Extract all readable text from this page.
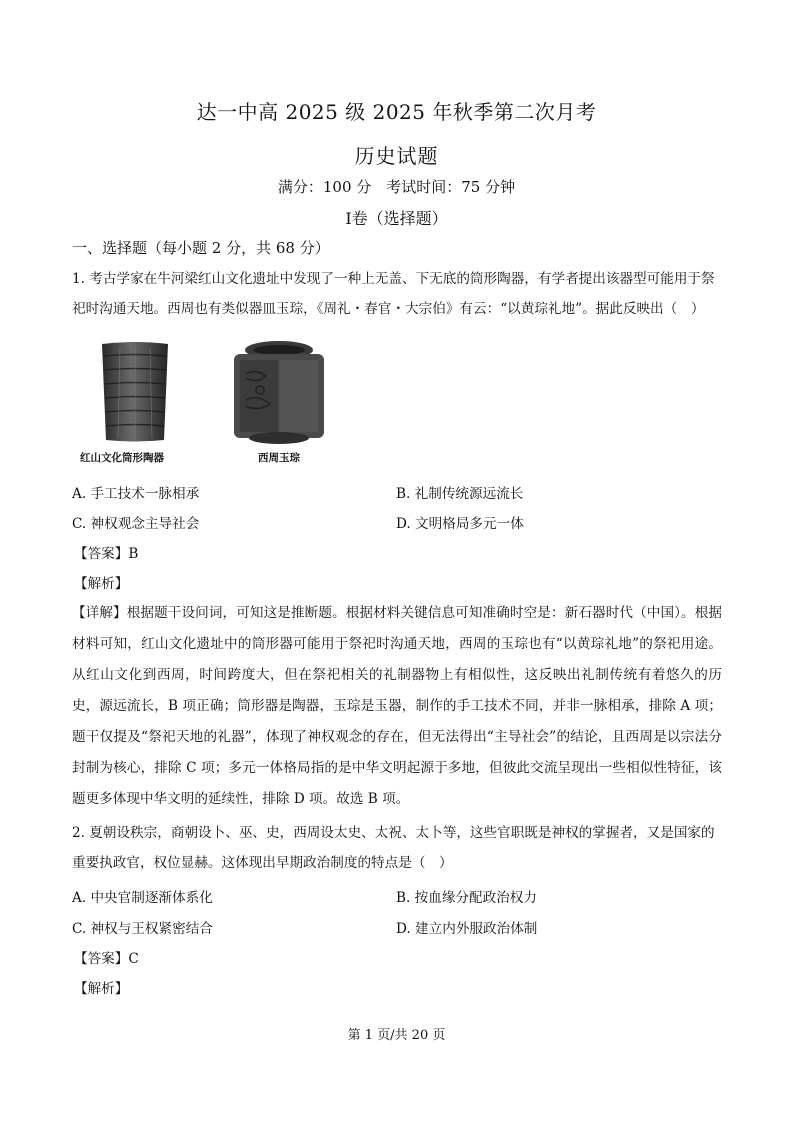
达一中高 2025 级 2025 年秋季第二次月考
历史试题
满分：100 分　考试时间：75 分钟
Ⅰ卷（选择题）
一、选择题（每小题 2 分，共 68 分）
1. 考古学家在牛河梁红山文化遗址中发现了一种上无盖、下无底的筒形陶器，有学者提出该器型可能用于祭祀时沟通天地。西周也有类似器皿玉琮，《周礼・春官・大宗伯》有云：“以黄琮礼地”。据此反映出（　）
红山文化筒形陶器	西周玉琮
A. 手工技术一脉相承	B. 礼制传统源远流长
C. 神权观念主导社会	D. 文明格局多元一体
【答案】B
【解析】
【详解】根据题干设问词，可知这是推断题。根据材料关键信息可知准确时空是：新石器时代（中国）。根据材料可知，红山文化遗址中的筒形器可能用于祭祀时沟通天地，西周的玉琮也有“以黄琮礼地”的祭祀用途。从红山文化到西周，时间跨度大，但在祭祀相关的礼制器物上有相似性，这反映出礼制传统有着悠久的历史，源远流长，B 项正确；筒形器是陶器，玉琮是玉器，制作的手工技术不同，并非一脉相承，排除 A 项；题干仅提及“祭祀天地的礼器”，体现了神权观念的存在，但无法得出“主导社会”的结论，且西周是以宗法分封制为核心，排除 C 项；多元一体格局指的是中华文明起源于多地，但彼此交流呈现出一些相似性特征，该题更多体现中华文明的延续性，排除 D 项。故选 B 项。
2. 夏朝设秩宗，商朝设卜、巫、史，西周设太史、太祝、太卜等，这些官职既是神权的掌握者，又是国家的重要执政官，权位显赫。这体现出早期政治制度的特点是（　）
A. 中央官制逐渐体系化	B. 按血缘分配政治权力
C. 神权与王权紧密结合	D. 建立内外服政治体制
【答案】C
【解析】
第 1 页/共 20 页
